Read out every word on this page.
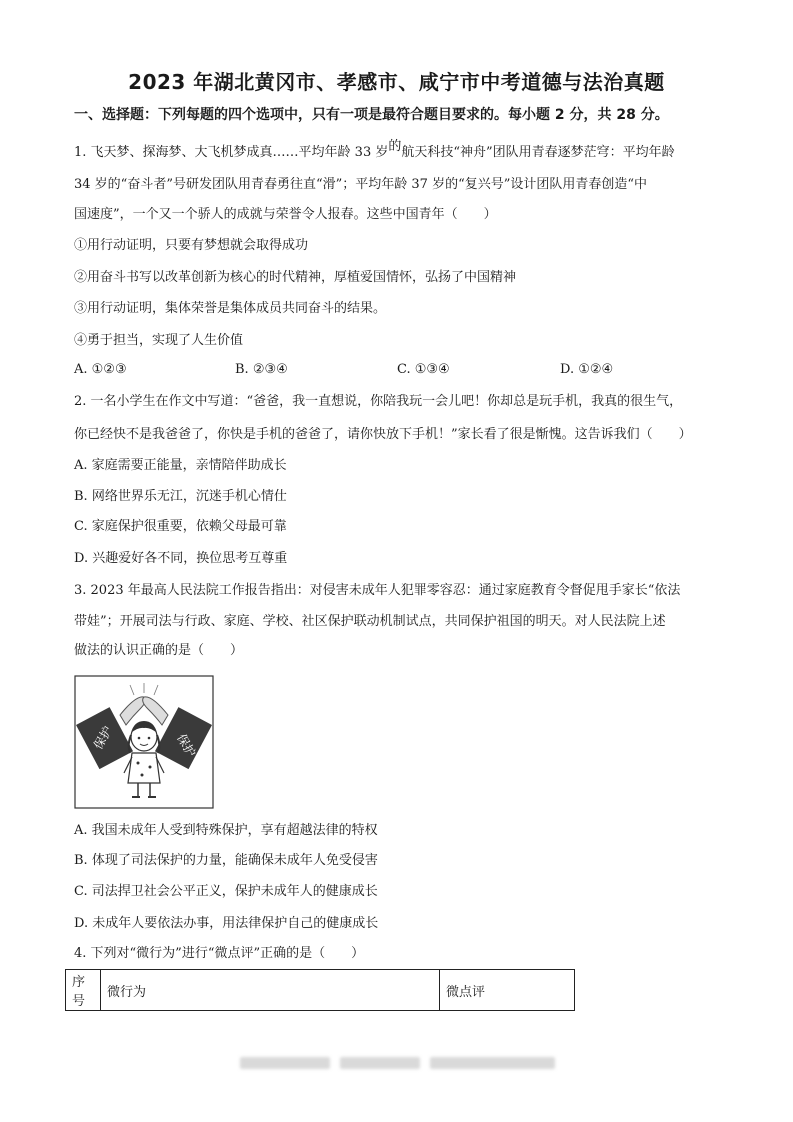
2023 年湖北黄冈市、孝感市、咸宁市中考道德与法治真题
一、选择题：下列每题的四个选项中，只有一项是最符合题目要求的。每小题 2 分，共 28 分。
1. 飞天梦、探海梦、大飞机梦成真……平均年龄 33 岁的航天科技“神舟”团队用青春逐梦茫穹：平均年龄
34 岁的“奋斗者”号研发团队用青春勇往直“滑”；平均年龄 37 岁的“复兴号”设计团队用青春创造“中
国速度”，一个又一个骄人的成就与荣誉令人报春。这些中国青年（　　）
①用行动证明，只要有梦想就会取得成功
②用奋斗书写以改革创新为核心的时代精神，厚植爱国情怀，弘扬了中国精神
③用行动证明，集体荣誉是集体成员共同奋斗的结果。
④勇于担当，实现了人生价值
A. ①②③	B. ②③④	C. ①③④	D. ①②④
2. 一名小学生在作文中写道：“爸爸，我一直想说，你陪我玩一会儿吧！你却总是玩手机，我真的很生气，
你已经快不是我爸爸了，你快是手机的爸爸了，请你快放下手机！”家长看了很是惭愧。这告诉我们（　　）
A. 家庭需要正能量，亲情陪伴助成长
B. 网络世界乐无江，沉迷手机心情仕
C. 家庭保护很重要，依赖父母最可靠
D. 兴趣爱好各不同，换位思考互尊重
3. 2023 年最高人民法院工作报告指出：对侵害未成年人犯罪零容忍：通过家庭教育令督促甩手家长“依法
带娃”；开展司法与行政、家庭、学校、社区保护联动机制试点，共同保护祖国的明天。对人民法院上述
做法的认识正确的是（　　）
保护	保护
A. 我国未成年人受到特殊保护，享有超越法律的特权
B. 体现了司法保护的力量，能确保未成年人免受侵害
C. 司法捍卫社会公平正义，保护未成年人的健康成长
D. 未成年人要依法办事，用法律保护自己的健康成长
4. 下列对“微行为”进行“微点评”正确的是（　　）
序号	微行为	微点评
